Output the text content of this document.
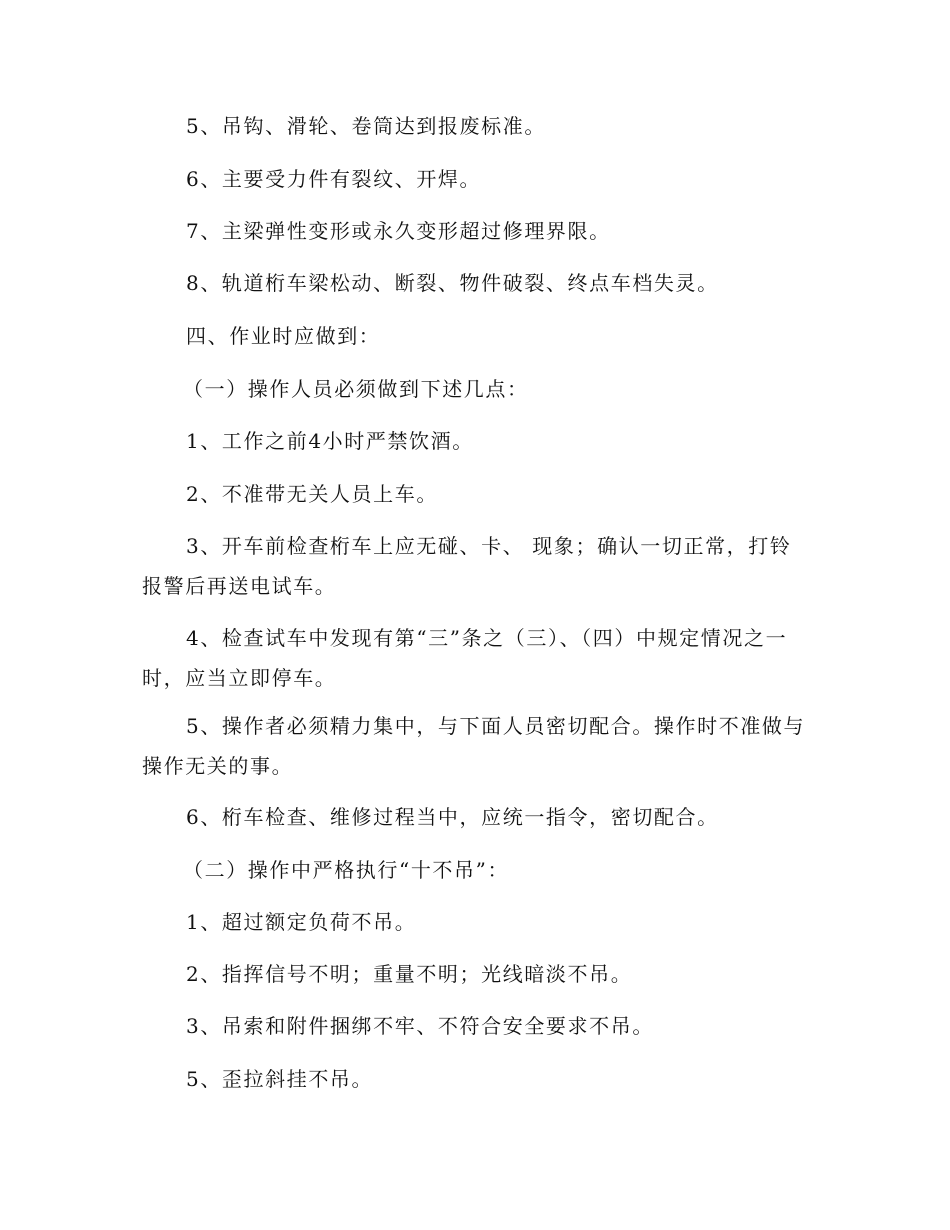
5、吊钩、滑轮、卷筒达到报废标准。

6、主要受力件有裂纹、开焊。

7、主梁弹性变形或永久变形超过修理界限。

8、轨道桁车梁松动、断裂、物件破裂、终点车档失灵。

四、作业时应做到：

（一）操作人员必须做到下述几点：

1、工作之前4小时严禁饮酒。

2、不准带无关人员上车。

3、开车前检查桁车上应无碰、卡、 现象；确认一切正常，打铃报警后再送电试车。

4、检查试车中发现有第“三”条之（三）、（四）中规定情况之一时，应当立即停车。

5、操作者必须精力集中，与下面人员密切配合。操作时不准做与操作无关的事。

6、桁车检查、维修过程当中，应统一指令，密切配合。

（二）操作中严格执行“十不吊”：

1、超过额定负荷不吊。

2、指挥信号不明；重量不明；光线暗淡不吊。

3、吊索和附件捆绑不牢、不符合安全要求不吊。

5、歪拉斜挂不吊。
